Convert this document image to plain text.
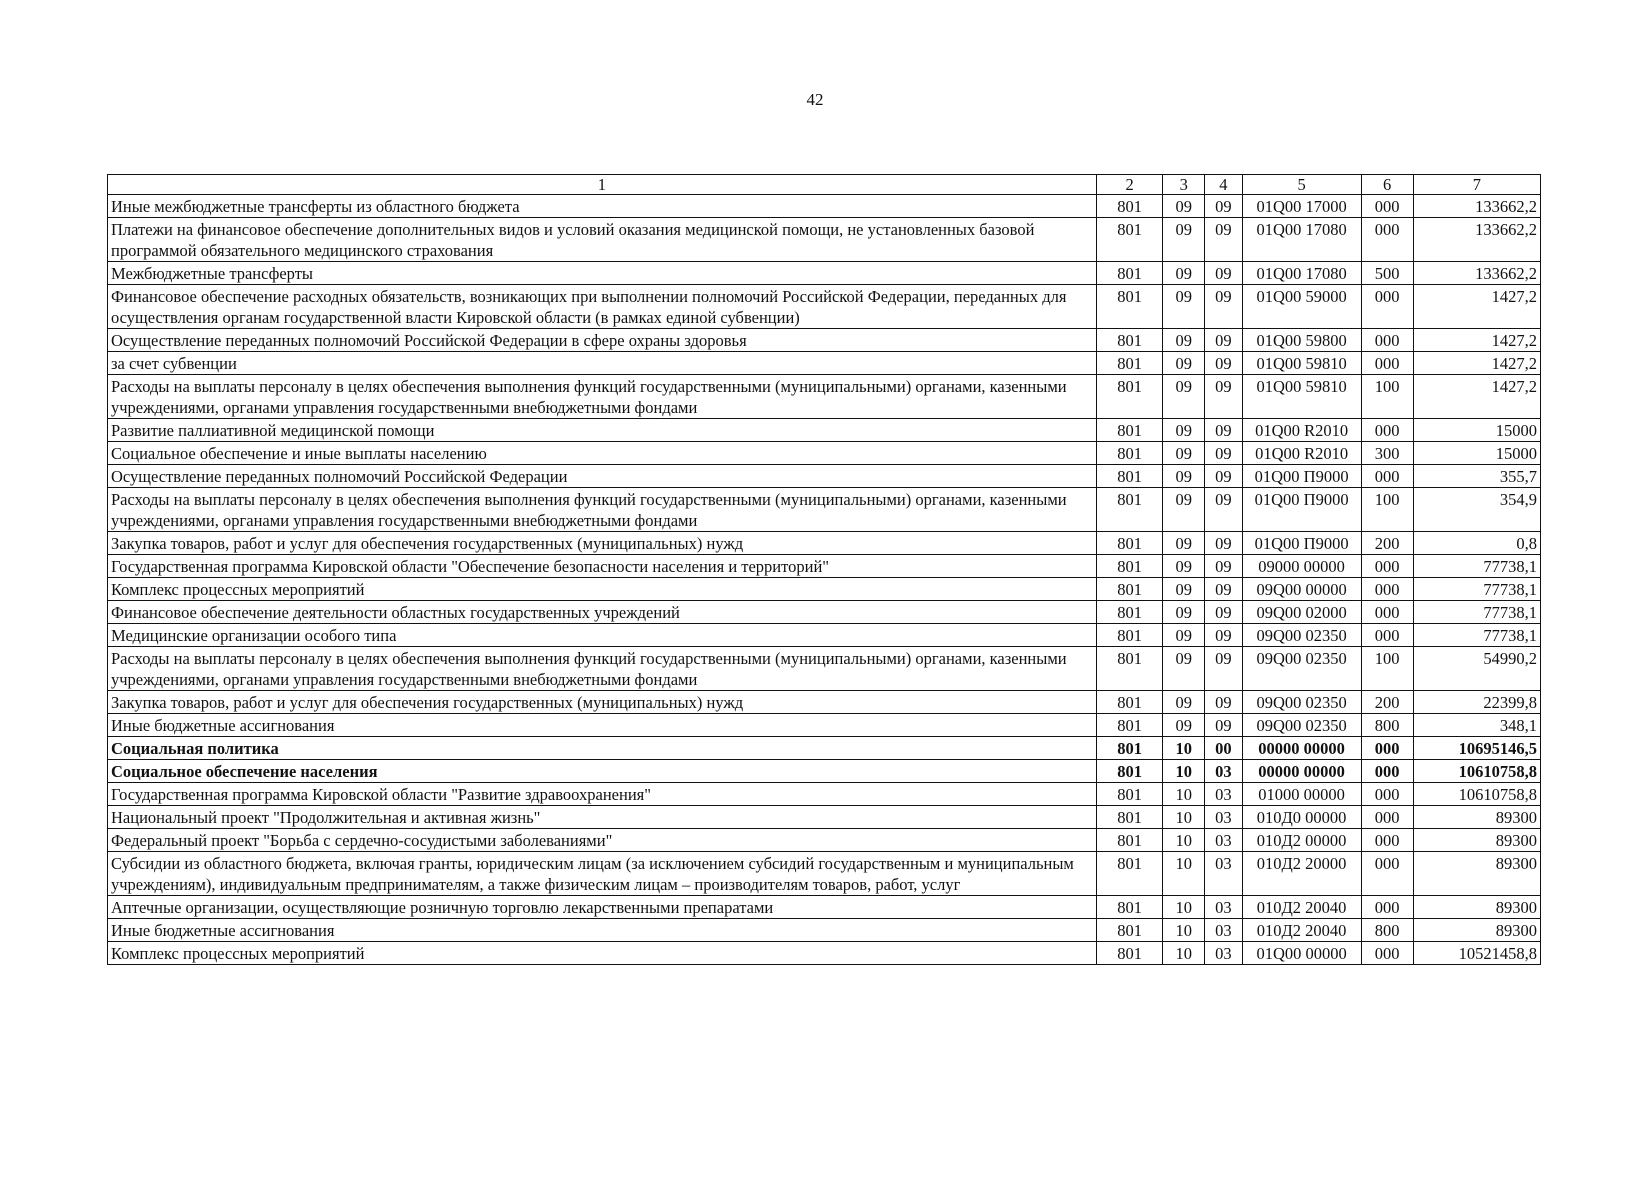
42
1	2	3	4	5	6	7
Иные межбюджетные трансферты из областного бюджета	801	09	09	01Q00 17000	000	133662,2
Платежи на финансовое обеспечение дополнительных видов и условий оказания медицинской помощи, не установленных базовой программой обязательного медицинского страхования	801	09	09	01Q00 17080	000	133662,2
Межбюджетные трансферты	801	09	09	01Q00 17080	500	133662,2
Финансовое обеспечение расходных обязательств, возникающих при выполнении полномочий Российской Федерации, переданных для осуществления органам государственной власти Кировской области (в рамках единой субвенции)	801	09	09	01Q00 59000	000	1427,2
Осуществление переданных полномочий Российской Федерации в сфере охраны здоровья	801	09	09	01Q00 59800	000	1427,2
за счет субвенции	801	09	09	01Q00 59810	000	1427,2
Расходы на выплаты персоналу в целях обеспечения выполнения функций государственными (муниципальными) органами, казенными учреждениями, органами управления государственными внебюджетными фондами	801	09	09	01Q00 59810	100	1427,2
Развитие паллиативной медицинской помощи	801	09	09	01Q00 R2010	000	15000
Социальное обеспечение и иные выплаты населению	801	09	09	01Q00 R2010	300	15000
Осуществление переданных полномочий Российской Федерации	801	09	09	01Q00 П9000	000	355,7
Расходы на выплаты персоналу в целях обеспечения выполнения функций государственными (муниципальными) органами, казенными учреждениями, органами управления государственными внебюджетными фондами	801	09	09	01Q00 П9000	100	354,9
Закупка товаров, работ и услуг для обеспечения государственных (муниципальных) нужд	801	09	09	01Q00 П9000	200	0,8
Государственная программа Кировской области "Обеспечение безопасности населения и территорий"	801	09	09	09000 00000	000	77738,1
Комплекс процессных мероприятий	801	09	09	09Q00 00000	000	77738,1
Финансовое обеспечение деятельности областных государственных учреждений	801	09	09	09Q00 02000	000	77738,1
Медицинские организации особого типа	801	09	09	09Q00 02350	000	77738,1
Расходы на выплаты персоналу в целях обеспечения выполнения функций государственными (муниципальными) органами, казенными учреждениями, органами управления государственными внебюджетными фондами	801	09	09	09Q00 02350	100	54990,2
Закупка товаров, работ и услуг для обеспечения государственных (муниципальных) нужд	801	09	09	09Q00 02350	200	22399,8
Иные бюджетные ассигнования	801	09	09	09Q00 02350	800	348,1
Социальная политика	801	10	00	00000 00000	000	10695146,5
Социальное обеспечение населения	801	10	03	00000 00000	000	10610758,8
Государственная программа Кировской области "Развитие здравоохранения"	801	10	03	01000 00000	000	10610758,8
Национальный проект "Продолжительная и активная жизнь"	801	10	03	010Д0 00000	000	89300
Федеральный проект "Борьба с сердечно-сосудистыми заболеваниями"	801	10	03	010Д2 00000	000	89300
Субсидии из областного бюджета, включая гранты, юридическим лицам (за исключением субсидий государственным и муниципальным учреждениям), индивидуальным предпринимателям, а также физическим лицам – производителям товаров, работ, услуг	801	10	03	010Д2 20000	000	89300
Аптечные организации, осуществляющие розничную торговлю лекарственными препаратами	801	10	03	010Д2 20040	000	89300
Иные бюджетные ассигнования	801	10	03	010Д2 20040	800	89300
Комплекс процессных мероприятий	801	10	03	01Q00 00000	000	10521458,8
